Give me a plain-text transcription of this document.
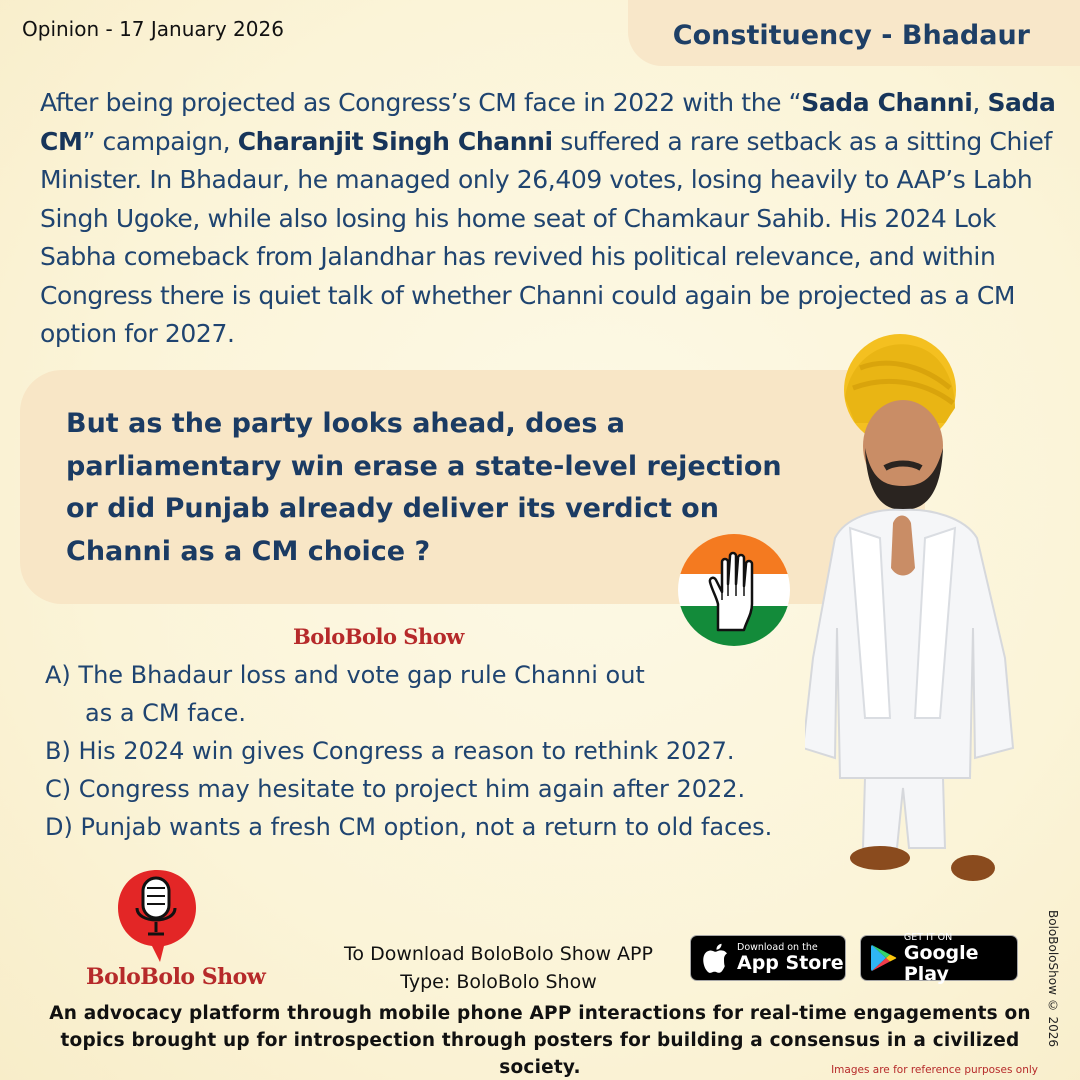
Opinion - 17 January 2026	Constituency - Bhadaur
After being projected as Congress’s CM face in 2022 with the “Sada Channi, Sada CM” campaign, Charanjit Singh Channi suffered a rare setback as a sitting Chief Minister. In Bhadaur, he managed only 26,409 votes, losing heavily to AAP’s Labh Singh Ugoke, while also losing his home seat of Chamkaur Sahib. His 2024 Lok Sabha comeback from Jalandhar has revived his political relevance, and within Congress there is quiet talk of whether Channi could again be projected as a CM option for 2027.
But as the party looks ahead, does a parliamentary win erase a state-level rejection or did Punjab already deliver its verdict on Channi as a CM choice ?
BoloBolo Show
A) The Bhadaur loss and vote gap rule Channi out
as a CM face.
B) His 2024 win gives Congress a reason to rethink 2027.
C) Congress may hesitate to project him again after 2022.
D) Punjab wants a fresh CM option, not a return to old faces.
BoloBolo Show
To Download BoloBolo Show APP
Type: BoloBolo Show
Download on the
App Store
GET IT ON
Google Play
An advocacy platform through mobile phone APP interactions for real-time engagements on topics brought up for introspection through posters for building a consensus in a civilized society.
BoloBoloShow © 2026
Images are for reference purposes only
